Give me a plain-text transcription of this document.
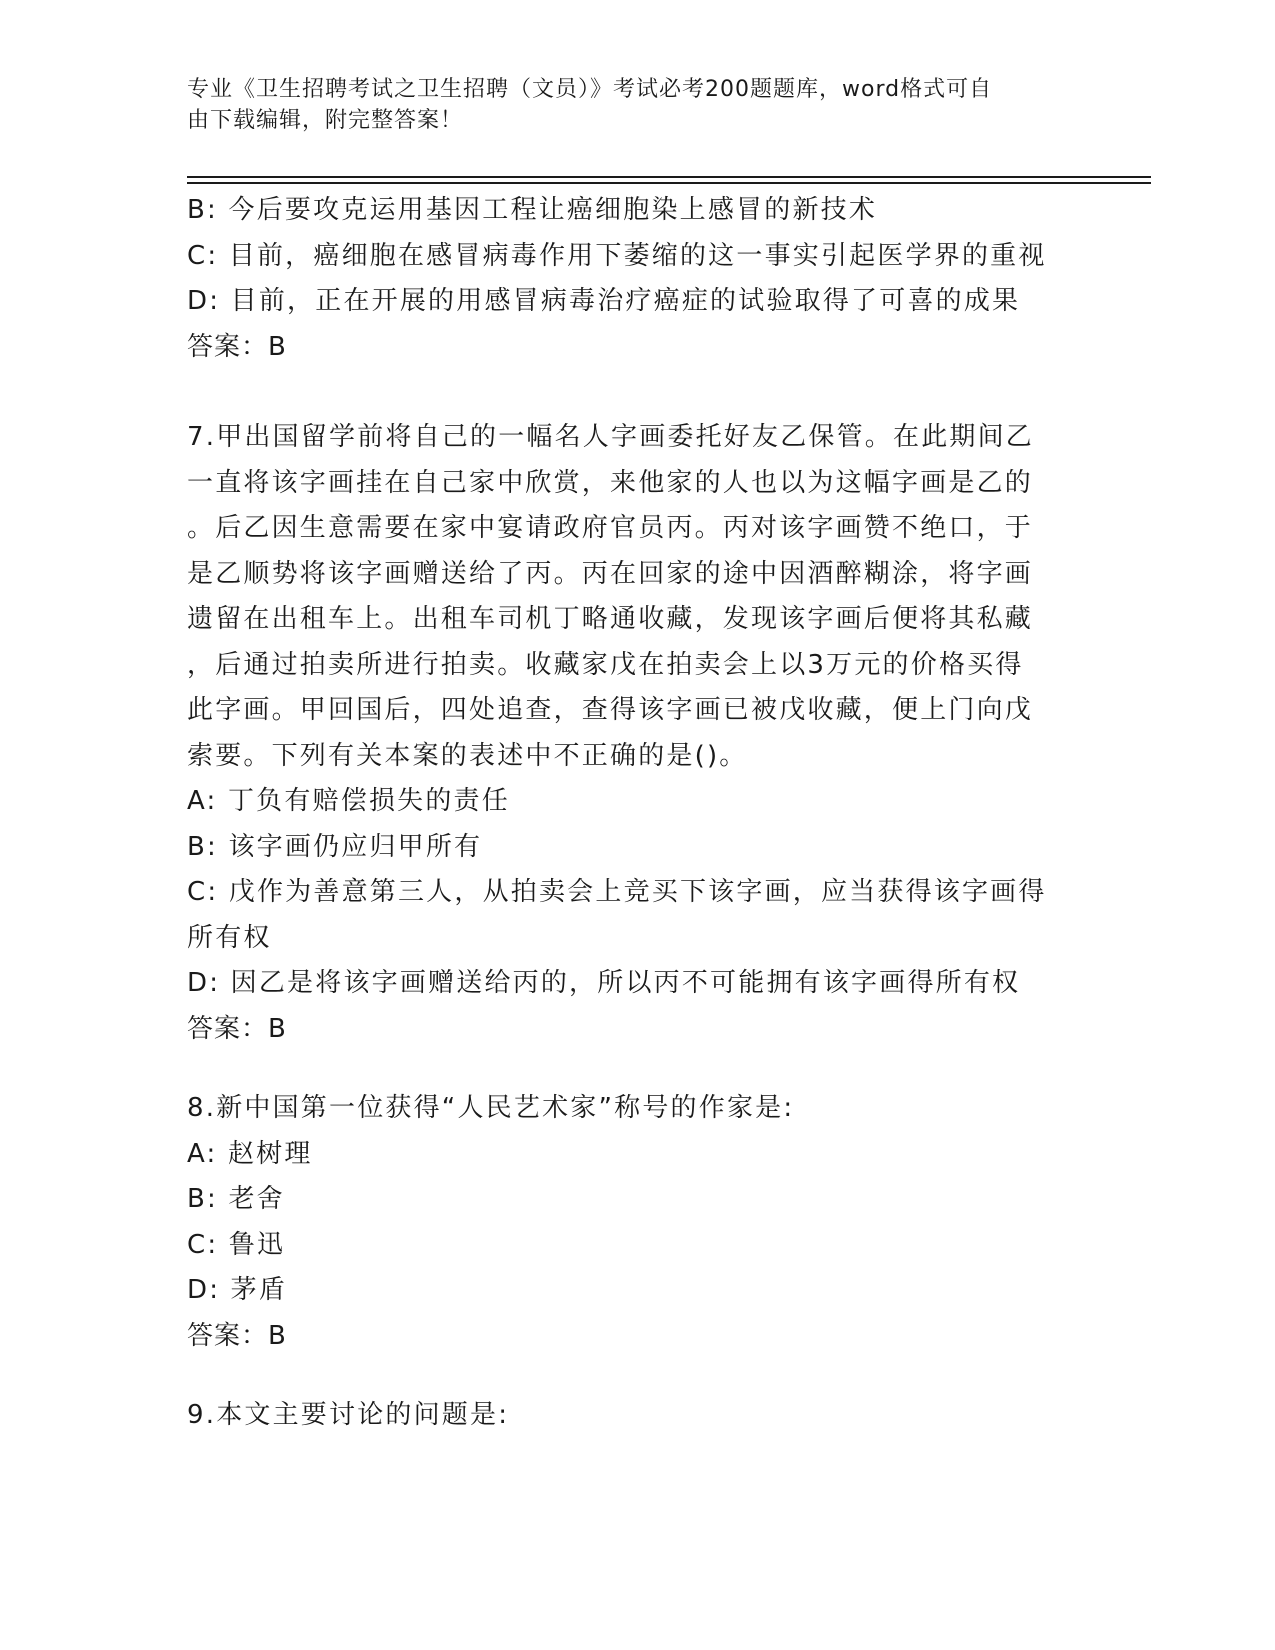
专业《卫生招聘考试之卫生招聘（文员）》考试必考200题题库，word格式可自
由下载编辑，附完整答案！
B: 今后要攻克运用基因工程让癌细胞染上感冒的新技术
C: 目前，癌细胞在感冒病毒作用下萎缩的这一事实引起医学界的重视
D: 目前，正在开展的用感冒病毒治疗癌症的试验取得了可喜的成果
答案：B
7.甲出国留学前将自己的一幅名人字画委托好友乙保管。在此期间乙
一直将该字画挂在自己家中欣赏，来他家的人也以为这幅字画是乙的
。后乙因生意需要在家中宴请政府官员丙。丙对该字画赞不绝口，于
是乙顺势将该字画赠送给了丙。丙在回家的途中因酒醉糊涂，将字画
遗留在出租车上。出租车司机丁略通收藏，发现该字画后便将其私藏
，后通过拍卖所进行拍卖。收藏家戊在拍卖会上以3万元的价格买得
此字画。甲回国后，四处追查，查得该字画已被戊收藏，便上门向戊
索要。下列有关本案的表述中不正确的是()。
A: 丁负有赔偿损失的责任
B: 该字画仍应归甲所有
C: 戊作为善意第三人，从拍卖会上竞买下该字画，应当获得该字画得
所有权
D: 因乙是将该字画赠送给丙的，所以丙不可能拥有该字画得所有权
答案：B
8.新中国第一位获得“人民艺术家”称号的作家是:
A: 赵树理
B: 老舍
C: 鲁迅
D: 茅盾
答案：B
9.本文主要讨论的问题是:
